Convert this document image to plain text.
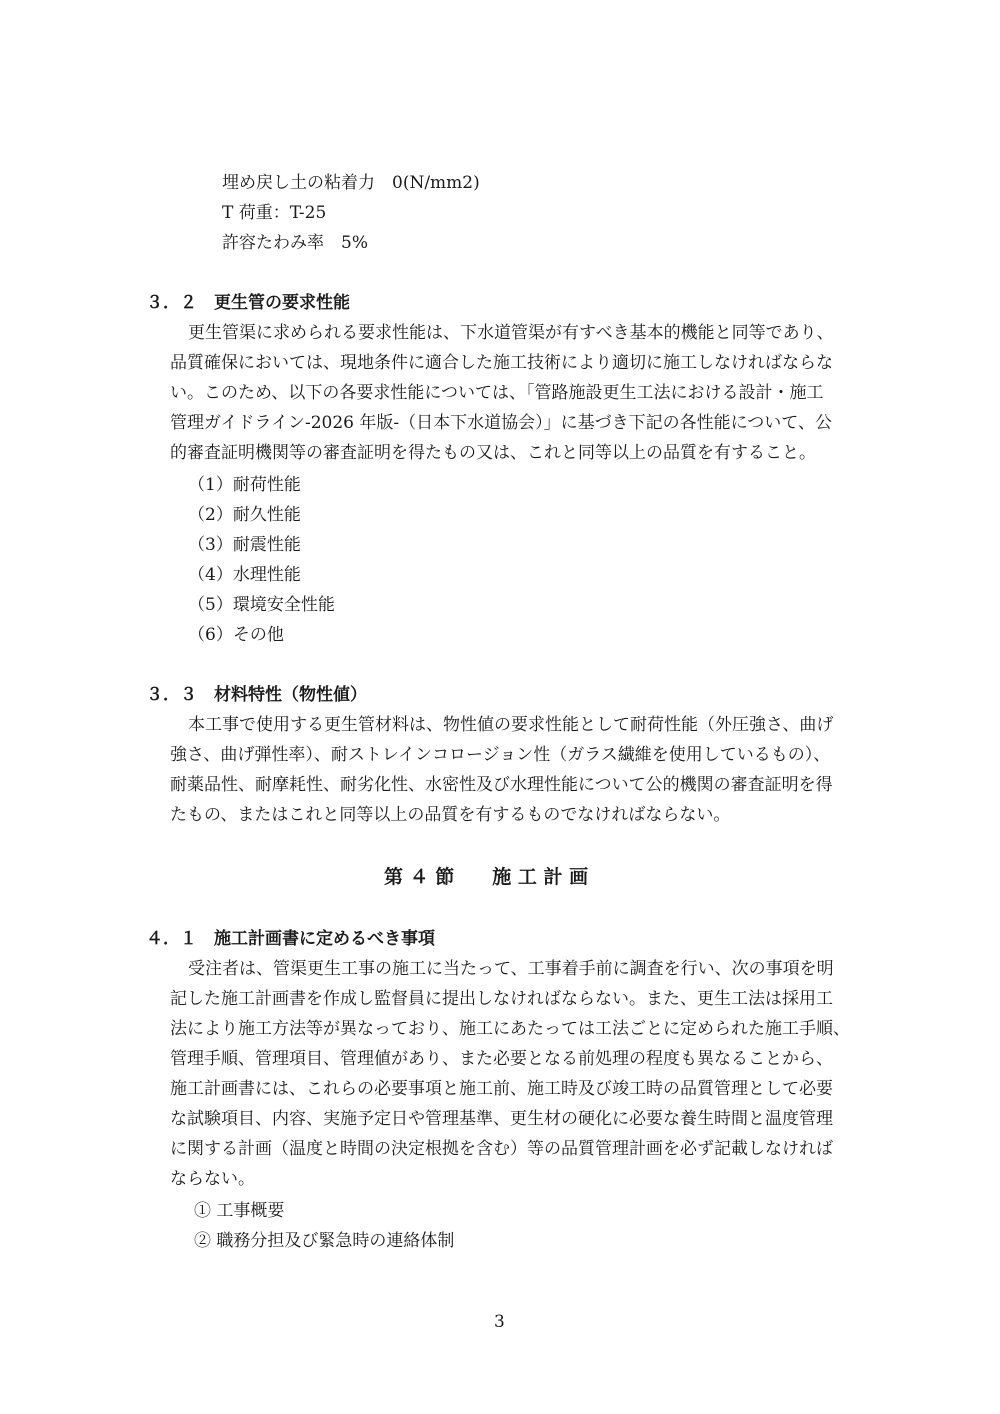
埋め戻し土の粘着力　0(N/mm2)
T 荷重：T-25
許容たわみ率　5%
３．２　更生管の要求性能
更生管渠に求められる要求性能は、下水道管渠が有すべき基本的機能と同等であり、
品質確保においては、現地条件に適合した施工技術により適切に施工しなければならな
い。このため、以下の各要求性能については、「管路施設更生工法における設計・施工
管理ガイドライン-2026 年版-（日本下水道協会）」に基づき下記の各性能について、公
的審査証明機関等の審査証明を得たもの又は、これと同等以上の品質を有すること。
（1）耐荷性能
（2）耐久性能
（3）耐震性能
（4）水理性能
（5）環境安全性能
（6）その他
３．３　材料特性（物性値）
本工事で使用する更生管材料は、物性値の要求性能として耐荷性能（外圧強さ、曲げ
強さ、曲げ弾性率）、耐ストレインコロージョン性（ガラス繊維を使用しているもの）、
耐薬品性、耐摩耗性、耐劣化性、水密性及び水理性能について公的機関の審査証明を得
たもの、またはこれと同等以上の品質を有するものでなければならない。
第 ４ 節　　施 工 計 画
４．１　施工計画書に定めるべき事項
受注者は、管渠更生工事の施工に当たって、工事着手前に調査を行い、次の事項を明
記した施工計画書を作成し監督員に提出しなければならない。また、更生工法は採用工
法により施工方法等が異なっており、施工にあたっては工法ごとに定められた施工手順、
管理手順、管理項目、管理値があり、また必要となる前処理の程度も異なることから、
施工計画書には、これらの必要事項と施工前、施工時及び竣工時の品質管理として必要
な試験項目、内容、実施予定日や管理基準、更生材の硬化に必要な養生時間と温度管理
に関する計画（温度と時間の決定根拠を含む）等の品質管理計画を必ず記載しなければ
ならない。
① 工事概要
② 職務分担及び緊急時の連絡体制
3
